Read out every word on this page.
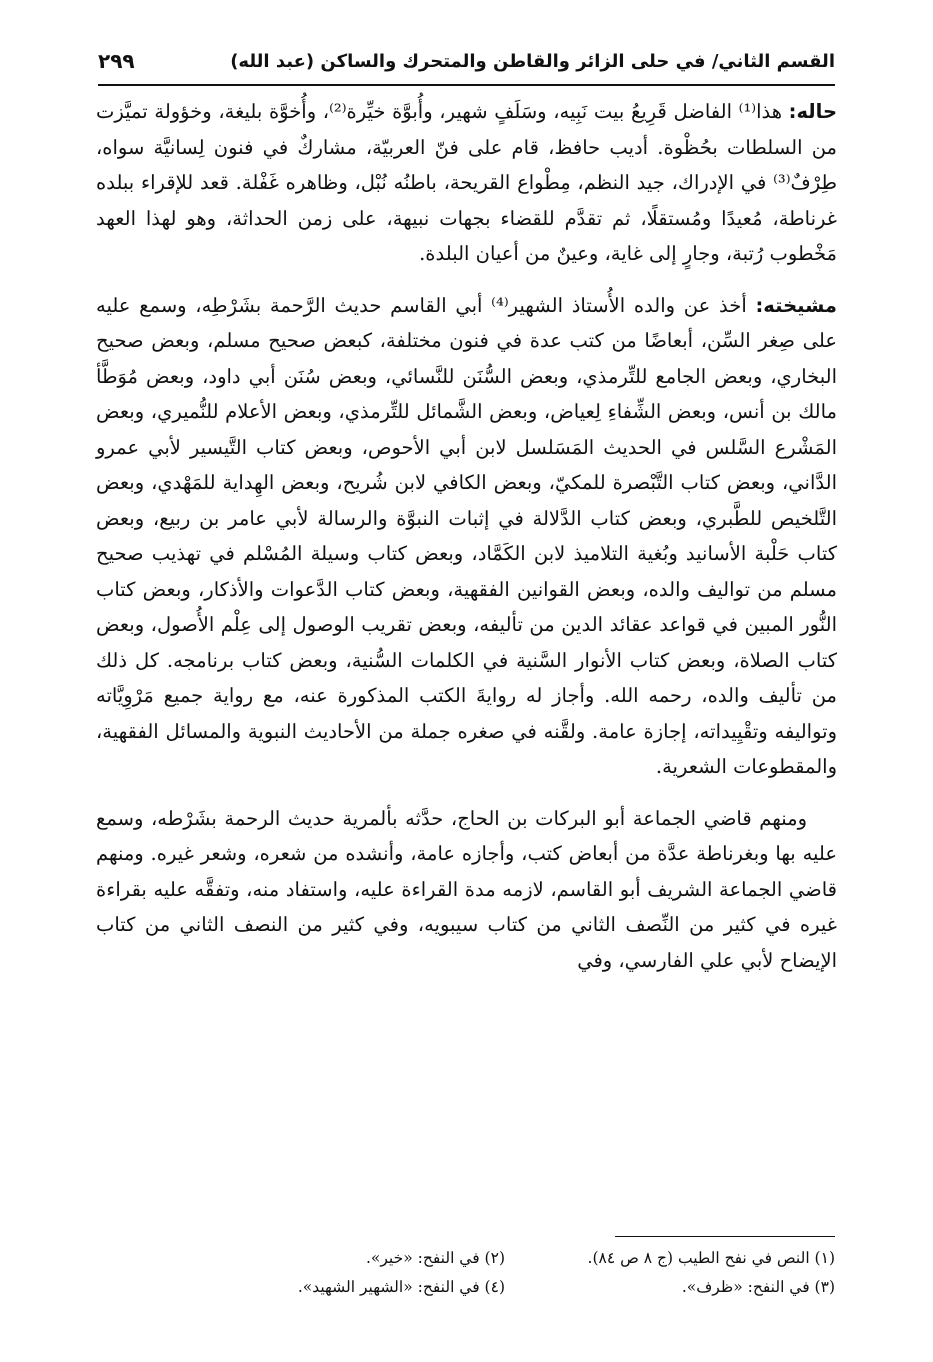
القسم الثاني/ في حلى الزائر والقاطن والمتحرك والساكن (عبد الله)
٢٩٩

حاله: هذا⁽¹⁾ الفاضل قَرِيعُ بيت نَبِيه، وسَلَفٍ شهير، وأُبوَّة خيِّرة⁽²⁾، وأُخوَّة بليغة، وخؤولة تميَّزت من السلطات بحُظْوة. أديب حافظ، قام على فنّ العربيّة، مشاركٌ في فنون لِسانيَّة سواه، طِرْفٌ⁽³⁾ في الإدراك، جيد النظم، مِطْواع القريحة، باطنُه نُبْل، وظاهره غَفْلة. قعد للإقراء ببلده غرناطة، مُعيدًا ومُستقلًا، ثم تقدَّم للقضاء بجهات نبيهة، على زمن الحداثة، وهو لهذا العهد مَخْطوب رُتبة، وجارٍ إلى غاية، وعينٌ من أعيان البلدة.

مشيخته: أخذ عن والده الأُستاذ الشهير⁽⁴⁾ أبي القاسم حديث الرَّحمة بشَرْطِه، وسمع عليه على صِغر السِّن، أبعاضًا من كتب عدة في فنون مختلفة، كبعض صحيح مسلم، وبعض صحيح البخاري، وبعض الجامع للتِّرمذي، وبعض السُّنَن للنَّسائي، وبعض سُنَن أبي داود، وبعض مُوَطَّأ مالك بن أنس، وبعض الشِّفاءِ لِعياض، وبعض الشَّمائل للتِّرمذي، وبعض الأعلام للنُّميري، وبعض المَشْرع السَّلس في الحديث المَسَلسل لابن أبي الأحوص، وبعض كتاب التَّيسير لأبي عمرو الدَّاني، وبعض كتاب التَّبْصرة للمكيّ، وبعض الكافي لابن شُريح، وبعض الهِداية للمَهْدي، وبعض التَّلخيص للطَّبري، وبعض كتاب الدَّلالة في إثبات النبوَّة والرسالة لأبي عامر بن ربيع، وبعض كتاب حَلْبة الأسانيد وبُغية التلاميذ لابن الكَمَّاد، وبعض كتاب وسيلة المُسْلم في تهذيب صحيح مسلم من تواليف والده، وبعض القوانين الفقهية، وبعض كتاب الدَّعوات والأذكار، وبعض كتاب النُّور المبين في قواعد عقائد الدين من تأليفه، وبعض تقريب الوصول إلى عِلْم الأُصول، وبعض كتاب الصلاة، وبعض كتاب الأنوار السَّنية في الكلمات السُّنية، وبعض كتاب برنامجه. كل ذلك من تأليف والده، رحمه الله. وأجاز له روايةَ الكتب المذكورة عنه، مع رواية جميع مَرْوِيَّاته وتواليفه وتقْيِيداته، إجازة عامة. ولقَّنه في صغره جملة من الأحاديث النبوية والمسائل الفقهية، والمقطوعات الشعرية.

ومنهم قاضي الجماعة أبو البركات بن الحاج، حدَّثه بألمرية حديث الرحمة بشَرْطه، وسمع عليه بها وبغرناطة عدَّة من أبعاض كتب، وأجازه عامة، وأنشده من شعره، وشعر غيره. ومنهم قاضي الجماعة الشريف أبو القاسم، لازمه مدة القراءة عليه، واستفاد منه، وتفقَّه عليه بقراءة غيره في كثير من النِّصف الثاني من كتاب سيبويه، وفي كثير من النصف الثاني من كتاب الإيضاح لأبي علي الفارسي، وفي

(١) النص في نفح الطيب (ج ٨ ص ٨٤).
(٢) في النفح: «خير».
(٣) في النفح: «ظرف».
(٤) في النفح: «الشهير الشهيد».
